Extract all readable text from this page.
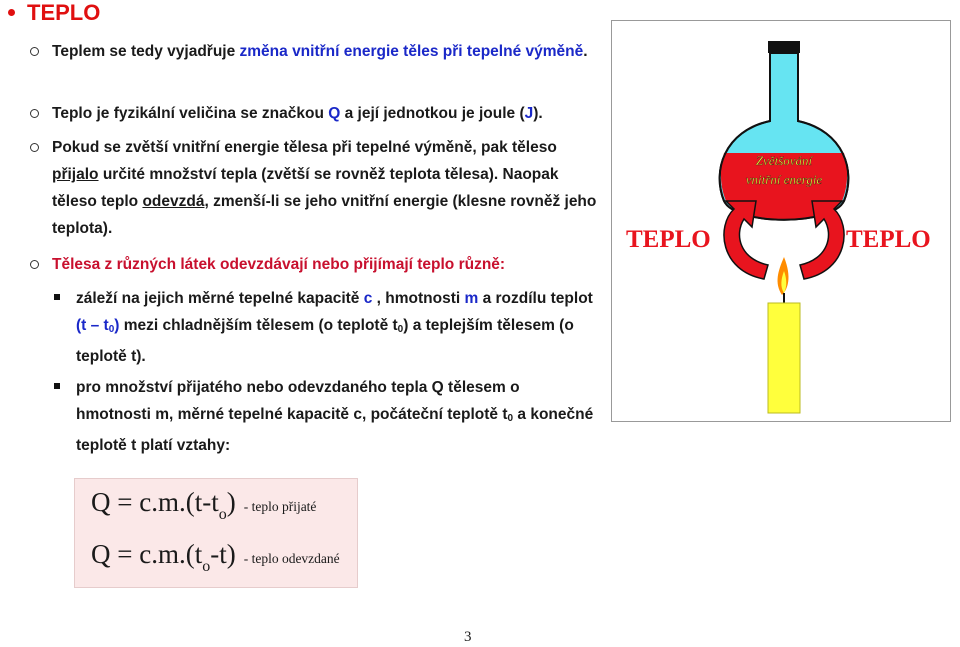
TEPLO
Teplem se tedy vyjadřuje změna vnitřní energie těles při tepelné výměně.
Teplo je fyzikální veličina se značkou Q a její jednotkou je joule (J).
Pokud se zvětší vnitřní energie tělesa při tepelné výměně, pak těleso přijalo určité množství tepla (zvětší se rovněž teplota tělesa). Naopak těleso teplo odevzdá, zmenší-li se jeho vnitřní energie (klesne rovněž jeho teplota).
Tělesa z různých látek odevzdávají nebo přijímají teplo různě:
záleží na jejich měrné tepelné kapacitě c , hmotnosti m a rozdílu teplot $(t - t_0)$ mezi chladnějším tělesem (o teplotě $t_0$) a teplejším tělesem (o teplotě t).
pro množství přijatého nebo odevzdaného tepla Q tělesem o hmotnosti m, měrné tepelné kapacitě c, počáteční teplotě $t_0$ a konečné teplotě t platí vztahy:
$Q = c.m.(t-t_o)$ - teplo přijaté
$Q = c.m.(t_o-t)$ - teplo odevzdané
Zvětšování
vnitřní energie
TEPLO	TEPLO
3
